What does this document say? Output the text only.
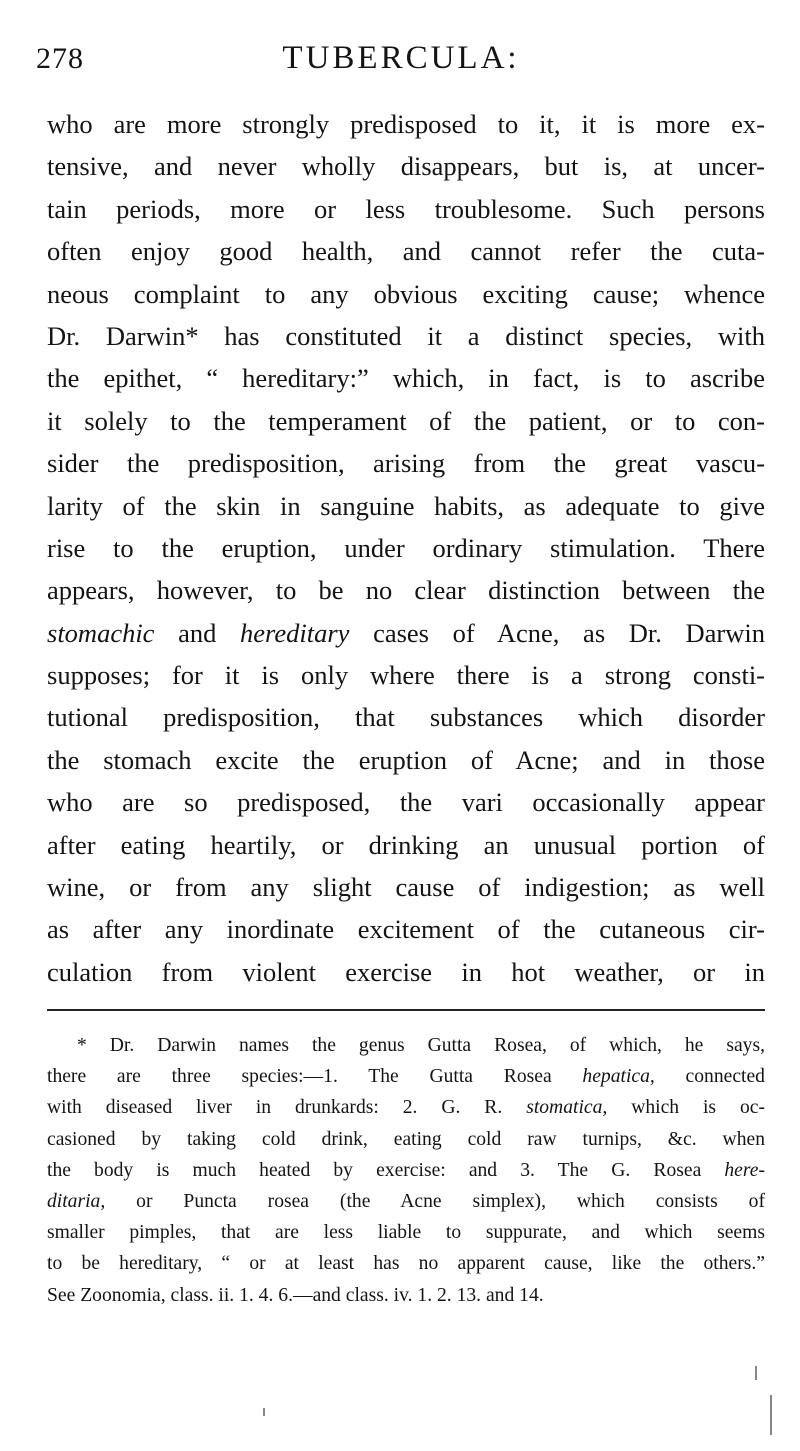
278	TUBERCULA:
who are more strongly predisposed to it, it is more ex-
tensive, and never wholly disappears, but is, at uncer-
tain periods, more or less troublesome. Such persons
often enjoy good health, and cannot refer the cuta-
neous complaint to any obvious exciting cause; whence
Dr. Darwin* has constituted it a distinct species, with
the epithet, “ hereditary:” which, in fact, is to ascribe
it solely to the temperament of the patient, or to con-
sider the predisposition, arising from the great vascu-
larity of the skin in sanguine habits, as adequate to give
rise to the eruption, under ordinary stimulation. There
appears, however, to be no clear distinction between the
stomachic and hereditary cases of Acne, as Dr. Darwin
supposes; for it is only where there is a strong consti-
tutional predisposition, that substances which disorder
the stomach excite the eruption of Acne; and in those
who are so predisposed, the vari occasionally appear
after eating heartily, or drinking an unusual portion of
wine, or from any slight cause of indigestion; as well
as after any inordinate excitement of the cutaneous cir-
culation from violent exercise in hot weather, or in
* Dr. Darwin names the genus Gutta Rosea, of which, he says,
there are three species:—1. The Gutta Rosea hepatica, connected
with diseased liver in drunkards: 2. G. R. stomatica, which is oc-
casioned by taking cold drink, eating cold raw turnips, &c. when
the body is much heated by exercise: and 3. The G. Rosea here-
ditaria, or Puncta rosea (the Acne simplex), which consists of
smaller pimples, that are less liable to suppurate, and which seems
to be hereditary, “ or at least has no apparent cause, like the others.”
See Zoonomia, class. ii. 1. 4. 6.—and class. iv. 1. 2. 13. and 14.
